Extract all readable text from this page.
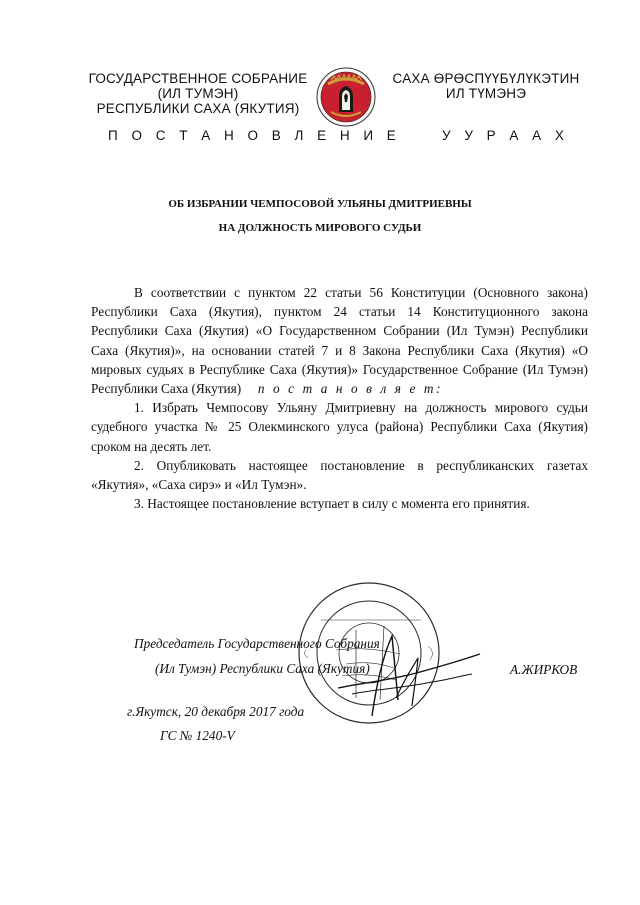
ГОСУДАРСТВЕННОЕ СОБРАНИЕ
(ИЛ ТУМЭН)
РЕСПУБЛИКИ САХА (ЯКУТИЯ)
САХА ӨРӨСПҮҮБҮЛҮКЭТИН
ИЛ ТҮМЭНЭ
П О С Т А Н О В Л Е Н И Е	У У Р А А Х
ОБ ИЗБРАНИИ ЧЕМПОСОВОЙ УЛЬЯНЫ ДМИТРИЕВНЫ
НА ДОЛЖНОСТЬ МИРОВОГО СУДЬИ

В соответствии с пунктом 22 статьи 56 Конституции (Основного закона) Республики Саха (Якутия), пунктом 24 статьи 14 Конституционного закона Республики Саха (Якутия) «О Государственном Собрании (Ил Тумэн) Республики Саха (Якутия)», на основании статей 7 и 8 Закона Республики Саха (Якутия) «О мировых судьях в Республике Саха (Якутия)» Государственное Собрание (Ил Тумэн) Республики Саха (Якутия) п о с т а н о в л я е т:

1. Избрать Чемпосову Ульяну Дмитриевну на должность мирового судьи судебного участка № 25 Олекминского улуса (района) Республики Саха (Якутия) сроком на десять лет.

2. Опубликовать настоящее постановление в республиканских газетах «Якутия», «Саха сирэ» и «Ил Тумэн».

3. Настоящее постановление вступает в силу с момента его принятия.

Председатель Государственного Собрания
(Ил Тумэн) Республики Саха (Якутия)	А.ЖИРКОВ
г.Якутск, 20 декабря 2017 года
ГС № 1240-V
